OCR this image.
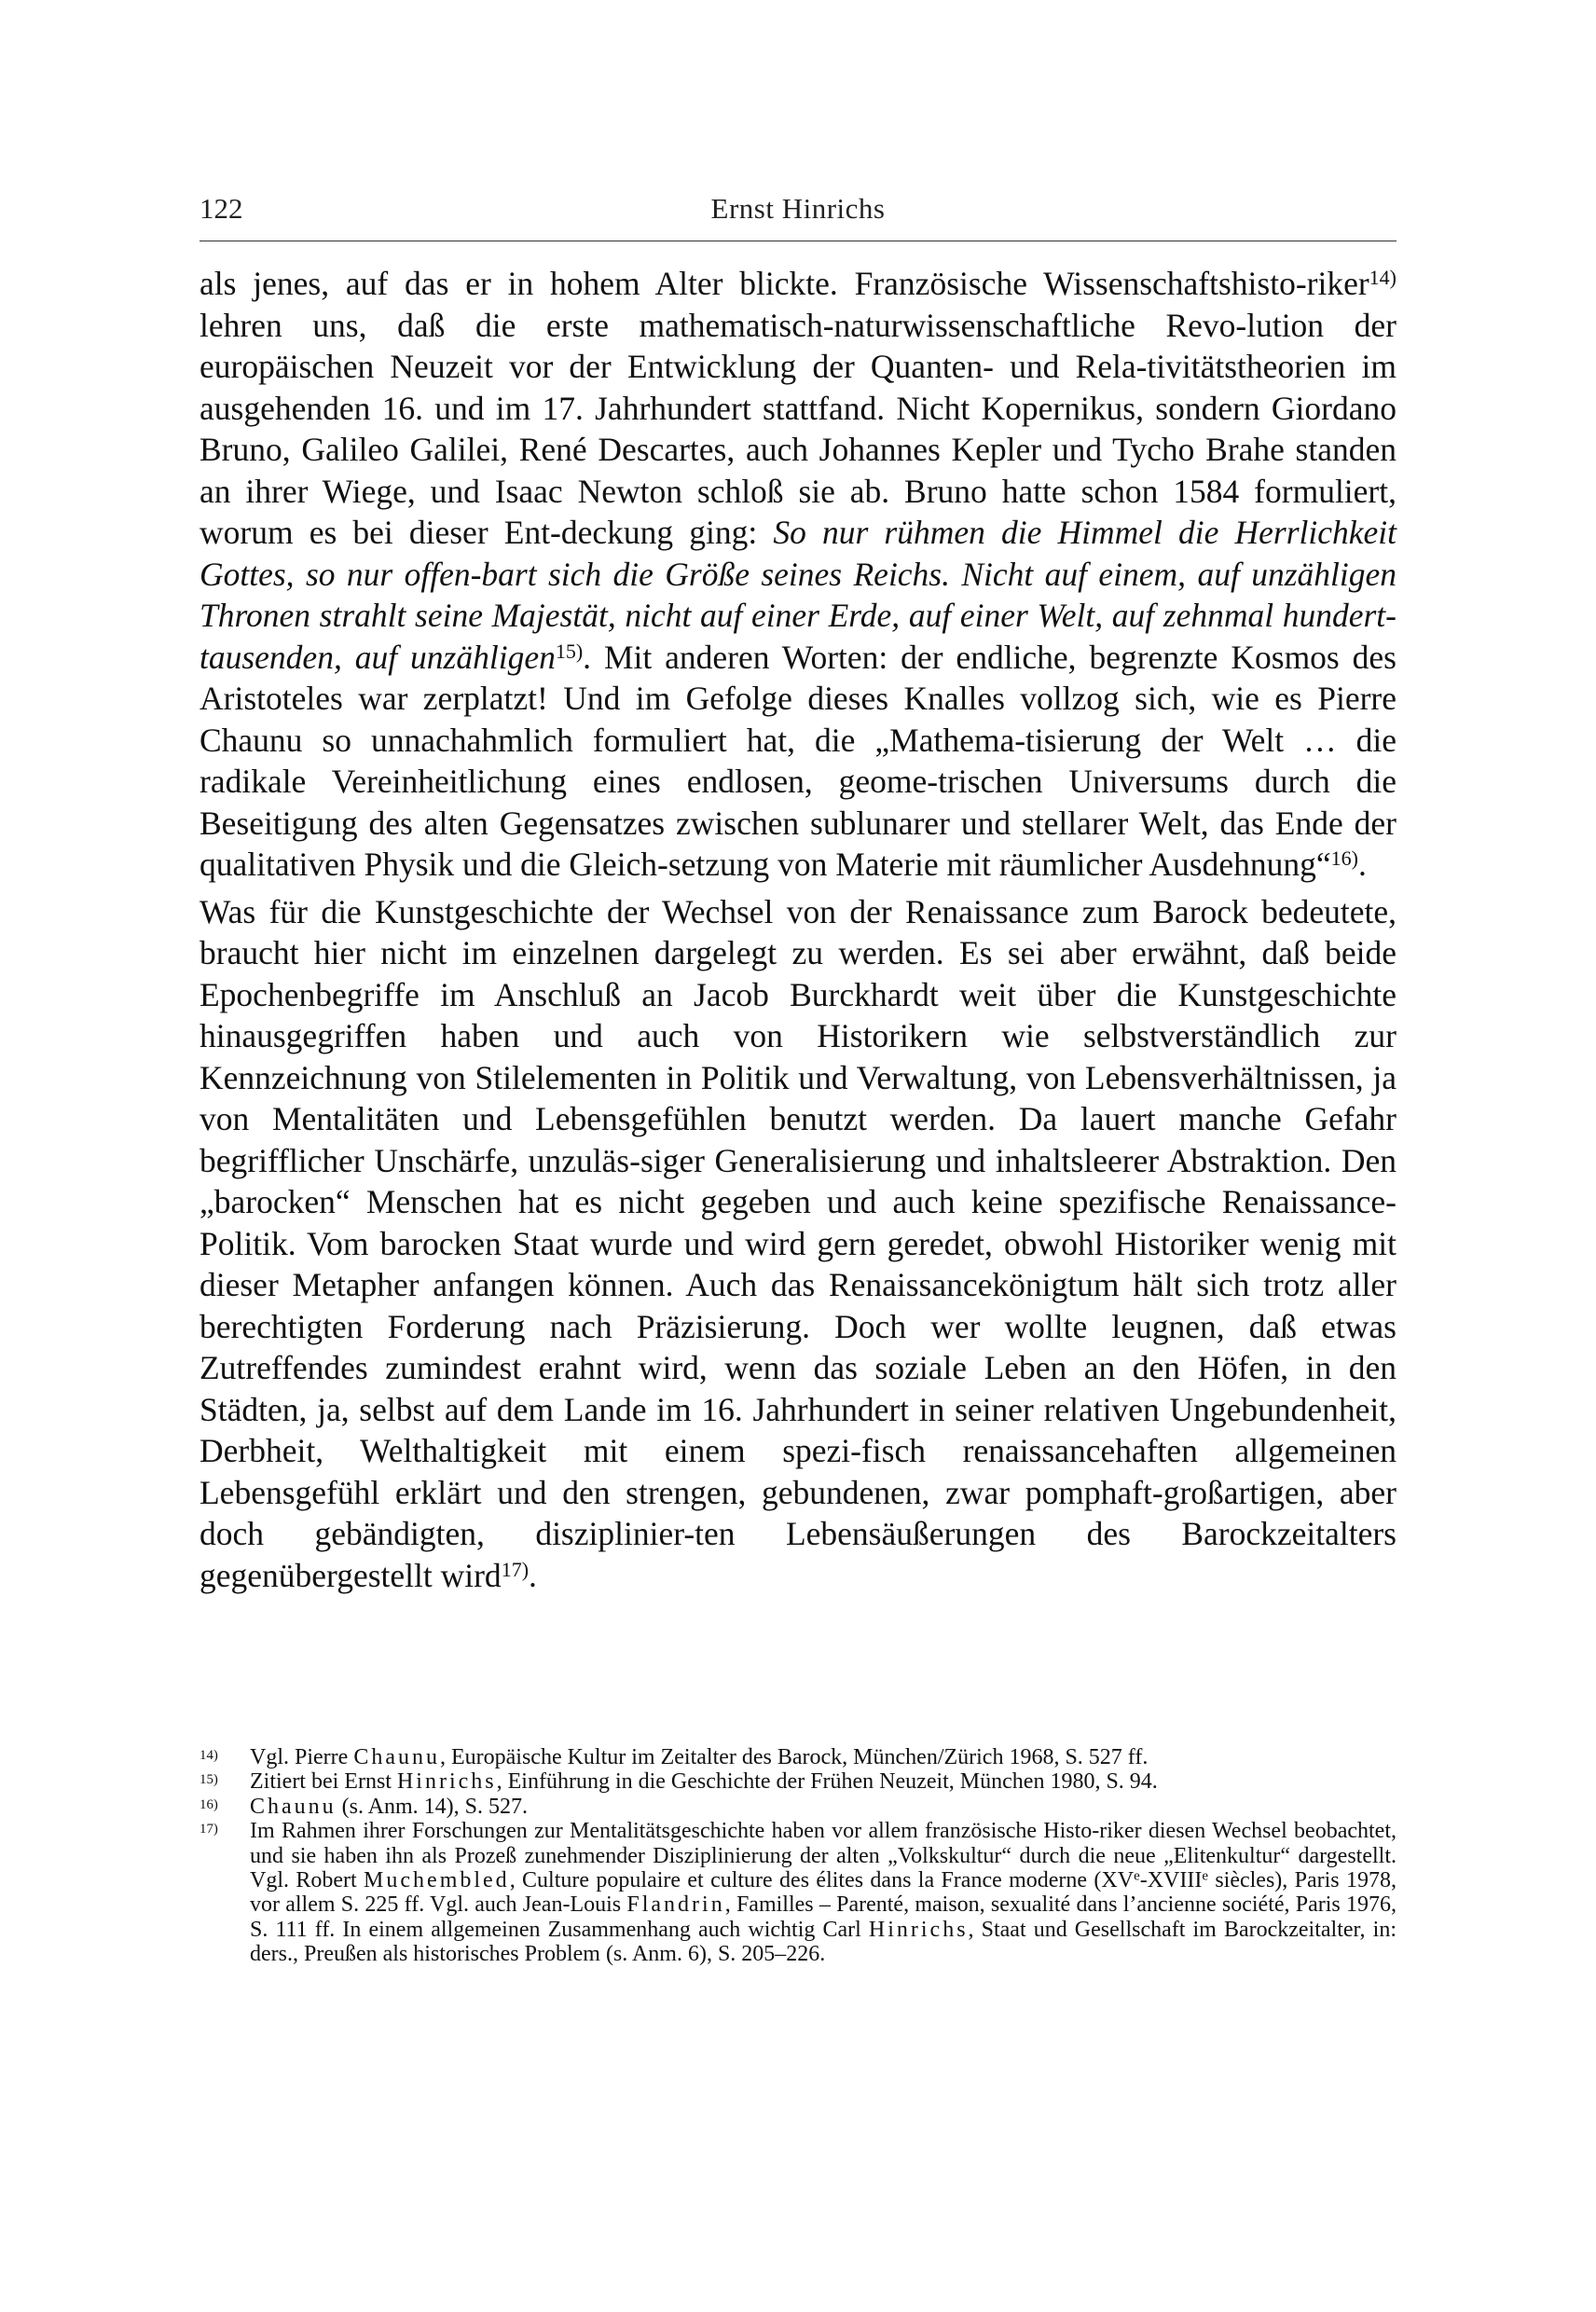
122	Ernst Hinrichs

als jenes, auf das er in hohem Alter blickte. Französische Wissenschaftshisto-riker$^{14)}$ lehren uns, daß die erste mathematisch-naturwissenschaftliche Revo-lution der europäischen Neuzeit vor der Entwicklung der Quanten- und Rela-tivitätstheorien im ausgehenden 16. und im 17. Jahrhundert stattfand. Nicht Kopernikus, sondern Giordano Bruno, Galileo Galilei, René Descartes, auch Johannes Kepler und Tycho Brahe standen an ihrer Wiege, und Isaac Newton schloß sie ab. Bruno hatte schon 1584 formuliert, worum es bei dieser Ent-deckung ging: So nur rühmen die Himmel die Herrlichkeit Gottes, so nur offen-bart sich die Größe seines Reichs. Nicht auf einem, auf unzähligen Thronen strahlt seine Majestät, nicht auf einer Erde, auf einer Welt, auf zehnmal hundert-tausenden, auf unzähligen$^{15)}$. Mit anderen Worten: der endliche, begrenzte Kosmos des Aristoteles war zerplatzt! Und im Gefolge dieses Knalles vollzog sich, wie es Pierre Chaunu so unnachahmlich formuliert hat, die „Mathema-tisierung der Welt … die radikale Vereinheitlichung eines endlosen, geome-trischen Universums durch die Beseitigung des alten Gegensatzes zwischen sublunarer und stellarer Welt, das Ende der qualitativen Physik und die Gleich-setzung von Materie mit räumlicher Ausdehnung“$^{16)}$.

Was für die Kunstgeschichte der Wechsel von der Renaissance zum Barock bedeutete, braucht hier nicht im einzelnen dargelegt zu werden. Es sei aber erwähnt, daß beide Epochenbegriffe im Anschluß an Jacob Burckhardt weit über die Kunstgeschichte hinausgegriffen haben und auch von Historikern wie selbstverständlich zur Kennzeichnung von Stilelementen in Politik und Verwaltung, von Lebensverhältnissen, ja von Mentalitäten und Lebensgefühlen benutzt werden. Da lauert manche Gefahr begrifflicher Unschärfe, unzuläs-siger Generalisierung und inhaltsleerer Abstraktion. Den „barocken“ Menschen hat es nicht gegeben und auch keine spezifische Renaissance-Politik. Vom barocken Staat wurde und wird gern geredet, obwohl Historiker wenig mit dieser Metapher anfangen können. Auch das Renaissancekönigtum hält sich trotz aller berechtigten Forderung nach Präzisierung. Doch wer wollte leugnen, daß etwas Zutreffendes zumindest erahnt wird, wenn das soziale Leben an den Höfen, in den Städten, ja, selbst auf dem Lande im 16. Jahrhundert in seiner relativen Ungebundenheit, Derbheit, Welthaltigkeit mit einem spezi-fisch renaissancehaften allgemeinen Lebensgefühl erklärt und den strengen, gebundenen, zwar pomphaft-großartigen, aber doch gebändigten, disziplinier-ten Lebensäußerungen des Barockzeitalters gegenübergestellt wird$^{17)}$.

$^{14)}$ Vgl. Pierre Chaunu, Europäische Kultur im Zeitalter des Barock, München/Zürich 1968, S. 527 ff.

$^{15)}$ Zitiert bei Ernst Hinrichs, Einführung in die Geschichte der Frühen Neuzeit, München 1980, S. 94.

$^{16)}$ Chaunu (s. Anm. 14), S. 527.

$^{17)}$ Im Rahmen ihrer Forschungen zur Mentalitätsgeschichte haben vor allem französische Histo-riker diesen Wechsel beobachtet, und sie haben ihn als Prozeß zunehmender Disziplinierung der alten „Volkskultur“ durch die neue „Elitenkultur“ dargestellt. Vgl. Robert Muchembled, Culture populaire et culture des élites dans la France moderne (XVe-XVIIIe siècles), Paris 1978, vor allem S. 225 ff. Vgl. auch Jean-Louis Flandrin, Familles – Parenté, maison, sexualité dans l’ancienne société, Paris 1976, S. 111 ff. In einem allgemeinen Zusammenhang auch wichtig Carl Hinrichs, Staat und Gesellschaft im Barockzeitalter, in: ders., Preußen als historisches Problem (s. Anm. 6), S. 205–226.
